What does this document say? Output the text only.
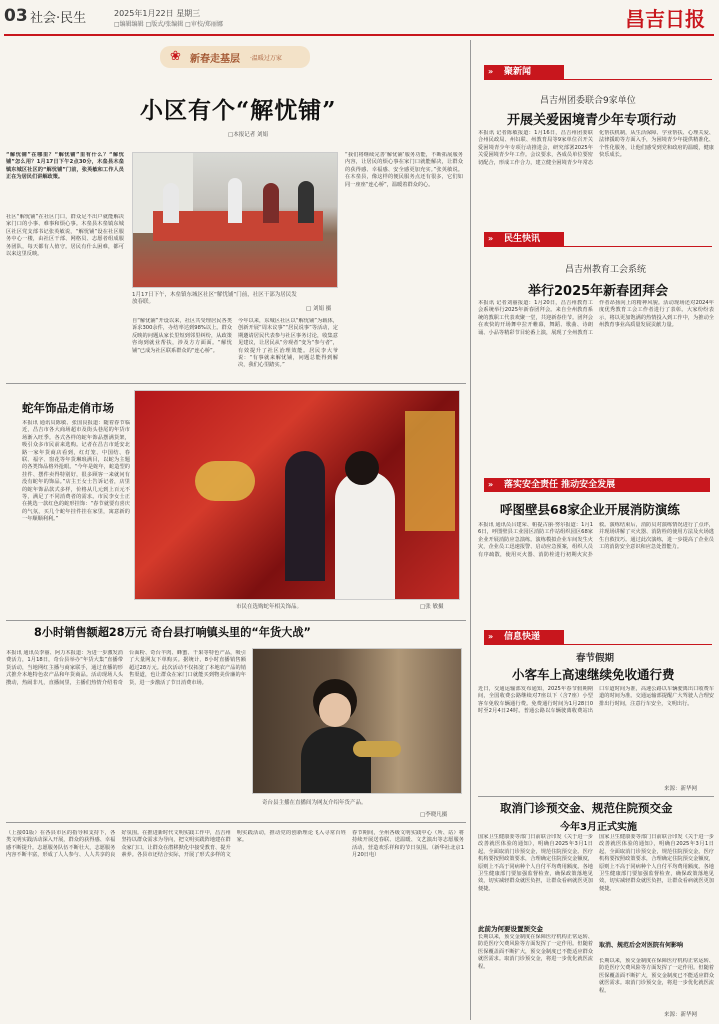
03 社会·民生	2025年1月22日 星期三
□编辑编辑 □版式/张编辑 □审校/郑丽娜	昌吉日报
❀ 新春走基层 ·温暖过万家
小区有个“解忧铺”
□本报记者 刘娟
“解忧铺”在哪里？“解忧铺”里有什么？“解忧铺”怎么用？1月17日下午2点30分，木垒县木垒镇东城区社区的“解忧铺”门前，张英敏和工作人员正在为居民们讲解政策。
社区“解忧铺”在社区门口，群众足不出户就能解决家门口的小事、难事和烦心事。木垒县木垒镇东城区社区党支部书记张英敏说，“解忧铺”设在社区服务中心一楼，由社区干部、网格员、志愿者组成服务团队，每天都有人值守。居民有什么困难，都可以来这里反映。
1月17日下午，木垒镇东城区社区“解忧铺”门前，社区干部为居民发放春联。
□ 刘娟 摄
自“解忧铺”开设以来，社区共受理居民各类诉求300余件，办结率达到98%以上。群众反映的问题从家长里短到邻里纠纷，从政策咨询到就业帮扶，涉及方方面面。“解忧铺”已成为社区联系群众的“连心桥”。
今年以来，东城区社区以“解忧铺”为载体，创新开展“周末议事”“居民说事”等活动，定期邀请居民代表参与社区事务讨论，收集意见建议，让居民从“旁观者”变为“参与者”，有效提升了社区治理效能。居民李大爷说：“有事就来解忧铺，问题总能得到解决，我们心里踏实。”
“我们将继续完善‘解忧铺’服务功能，不断拓展服务内容，让居民的烦心事在家门口就能解决，让群众的获得感、幸福感、安全感更加充实。”张英敏说。在木垒县，像这样的便民服务点还有很多，它们如同一座座“连心桥”，温暖着群众的心。
蛇年饰品走俏市场
本报讯 通讯员陈敏、张国良报道：随着春节临近，昌吉市各大商场超市及街头巷尾的年货市场渐入旺季。各式各样的蛇年饰品摆满货架，吸引众多市民前来选购。记者在昌吉市延安北路一家年货商店看到，红灯笼、中国结、春联、福字、窗花等年货琳琅满目，以蛇为主题的各类饰品格外抢眼。“今年是蛇年，蛇造型的挂件、摆件卖得特别好，很多顾客一来就问有没有蛇年的饰品。”店主王女士告诉记者，店里的蛇年饰品款式多样，价格从几元到上百元不等，满足了不同消费者的需求。市民李女士正在挑选一款红色的蛇形挂饰：“春节就要有喜庆的气氛，买几个蛇年挂件挂在家里，寓意新的一年顺顺利利。”
市民在选购蛇年相关饰品。	□张 敏摄
8小时销售额超28万元 奇台县打响镇头里的“年货大战”
本报讯 通讯员李丽、阿力木报道：为进一步激发消费活力，1月18日，奇台县举办“年货大集”直播带货活动，当地网红主播与商家联手，通过直播的形式推介本地特色农产品和年货商品。活动现场人头攒动，热闹非凡，直播间里，主播们热情介绍着奇台面粉、奇台羊肉、蜂蜜、干果等特色产品，吸引了大量网友下单购买。据统计，8小时直播销售额超过28万元。此次活动不仅拓宽了本地农产品的销售渠道，也让群众在家门口就能买到物美价廉的年货，进一步激活了节日消费市场。
奇台县主播在直播间为网友介绍年货产品。
□李晓凡摄
（上接01版）在各县市区的指导和支持下，各类文明实践活动深入开展，群众的获得感、幸福感不断提升。志愿服务队伍不断壮大，志愿服务内容不断丰富，形成了人人参与、人人共享的良好氛围。在推进新时代文明实践工作中，昌吉州坚持以群众需求为导向，把文明实践阵地建在群众家门口，让群众在潜移默化中接受教育、提升素养。各县市还结合实际，开展了形式多样的文明实践活动，推动党的创新理论飞入寻常百姓家。
春节期间，全州各级文明实践中心（所、站）将持续开展送春联、送温暖、文艺演出等志愿服务活动，营造欢乐祥和的节日氛围。（新华社北京1月20日电）
» 聚新闻
昌吉州团委联合9家单位
开展关爱困境青少年专项行动
本报讯 记者陈敏报道：1月16日，昌吉州团委联合州民政局、州妇联、州教育局等9家单位召开关爱困境青少年专项行动推进会，研究部署2025年关爱困境青少年工作。会议要求，各成员单位要密切配合，形成工作合力，建立健全困境青少年常态化帮扶机制，从生活保障、学业帮扶、心理关爱、法律援助等方面入手，为困境青少年提供精准化、个性化服务，让他们感受到党和政府的温暖，健康快乐成长。
» 民生快讯
昌吉州教育工会系统
举行2025年新春团拜会
本报讯 记者刘丽报道：1月20日，昌吉州教育工会系统举行2025年新春团拜会。来自全州教育系统的教职工代表欢聚一堂，共迎新春佳节。团拜会在欢快的开场舞中拉开帷幕，舞蹈、歌曲、诗朗诵、小品等精彩节目轮番上演，展现了全州教育工作者昂扬向上的精神风貌。活动现场还对2024年度优秀教育工会工作者进行了表彰。大家纷纷表示，将以更加饱满的热情投入到工作中，为推动全州教育事业高质量发展贡献力量。
» 落实安全责任 推动安全发展
呼图壁县68家企业开展消防演练
本报讯 通讯员吕建荣、帕提古丽·努尔报道：1月16日，呼图壁县工业园区消防工作站组织园区68家企业开展消防应急演练。演练模拟企业车间发生火灾，企业员工迅速报警、启动应急预案，组织人员有序疏散，使用灭火器、消防栓进行初期火灾扑救。演练结束后，消防员对演练情况进行了点评，并现场讲解了灭火器、消防栓的使用方法及火场逃生自救技巧。通过此次演练，进一步提高了企业员工的消防安全意识和应急处置能力。
» 信息快递
春节假期
小客车上高速继续免收通行费
近日，交通运输部发布通知，2025年春节假期期间，全国收费公路继续对7座以下（含7座）小型客车免收车辆通行费。免费通行时间为1月28日0时至2月4日24时。普通公路以车辆驶离收费站出口车道时间为准，高速公路以车辆驶离出口收费车道的时间为准。交通运输部提醒广大驾驶人合理安排出行时间，注意行车安全，文明出行。
来源：新华网
取消门诊预交金、规范住院预交金
今年3月正式实施
国家卫生健康委等部门日前联合印发《关于进一步改善就医体验的通知》，明确自2025年3月1日起，全面取消门诊预交金，规范住院预交金。医疗机构要按照政策要求，合理确定住院预交金额度，原则上不高于同病种个人自付平均费用额度。各地卫生健康部门要加强监督检查，确保政策落地见效，切实减轻群众就医负担，让群众看病就医更加便捷。
此前为何要设置预交金
长期以来，预交金制度在保障医疗机构正常运转、防范医疗欠费风险等方面发挥了一定作用。但随着医保覆盖面不断扩大，预交金制度已不能适应群众就医需求。取消门诊预交金，将进一步优化就医流程。
国家卫生健康委等部门日前联合印发《关于进一步改善就医体验的通知》，明确自2025年3月1日起，全面取消门诊预交金，规范住院预交金。医疗机构要按照政策要求，合理确定住院预交金额度，原则上不高于同病种个人自付平均费用额度。各地卫生健康部门要加强监督检查，确保政策落地见效，切实减轻群众就医负担，让群众看病就医更加便捷。
取消、规范后会对医院有何影响
长期以来，预交金制度在保障医疗机构正常运转、防范医疗欠费风险等方面发挥了一定作用。但随着医保覆盖面不断扩大，预交金制度已不能适应群众就医需求。取消门诊预交金，将进一步优化就医流程。
来源：新华网
